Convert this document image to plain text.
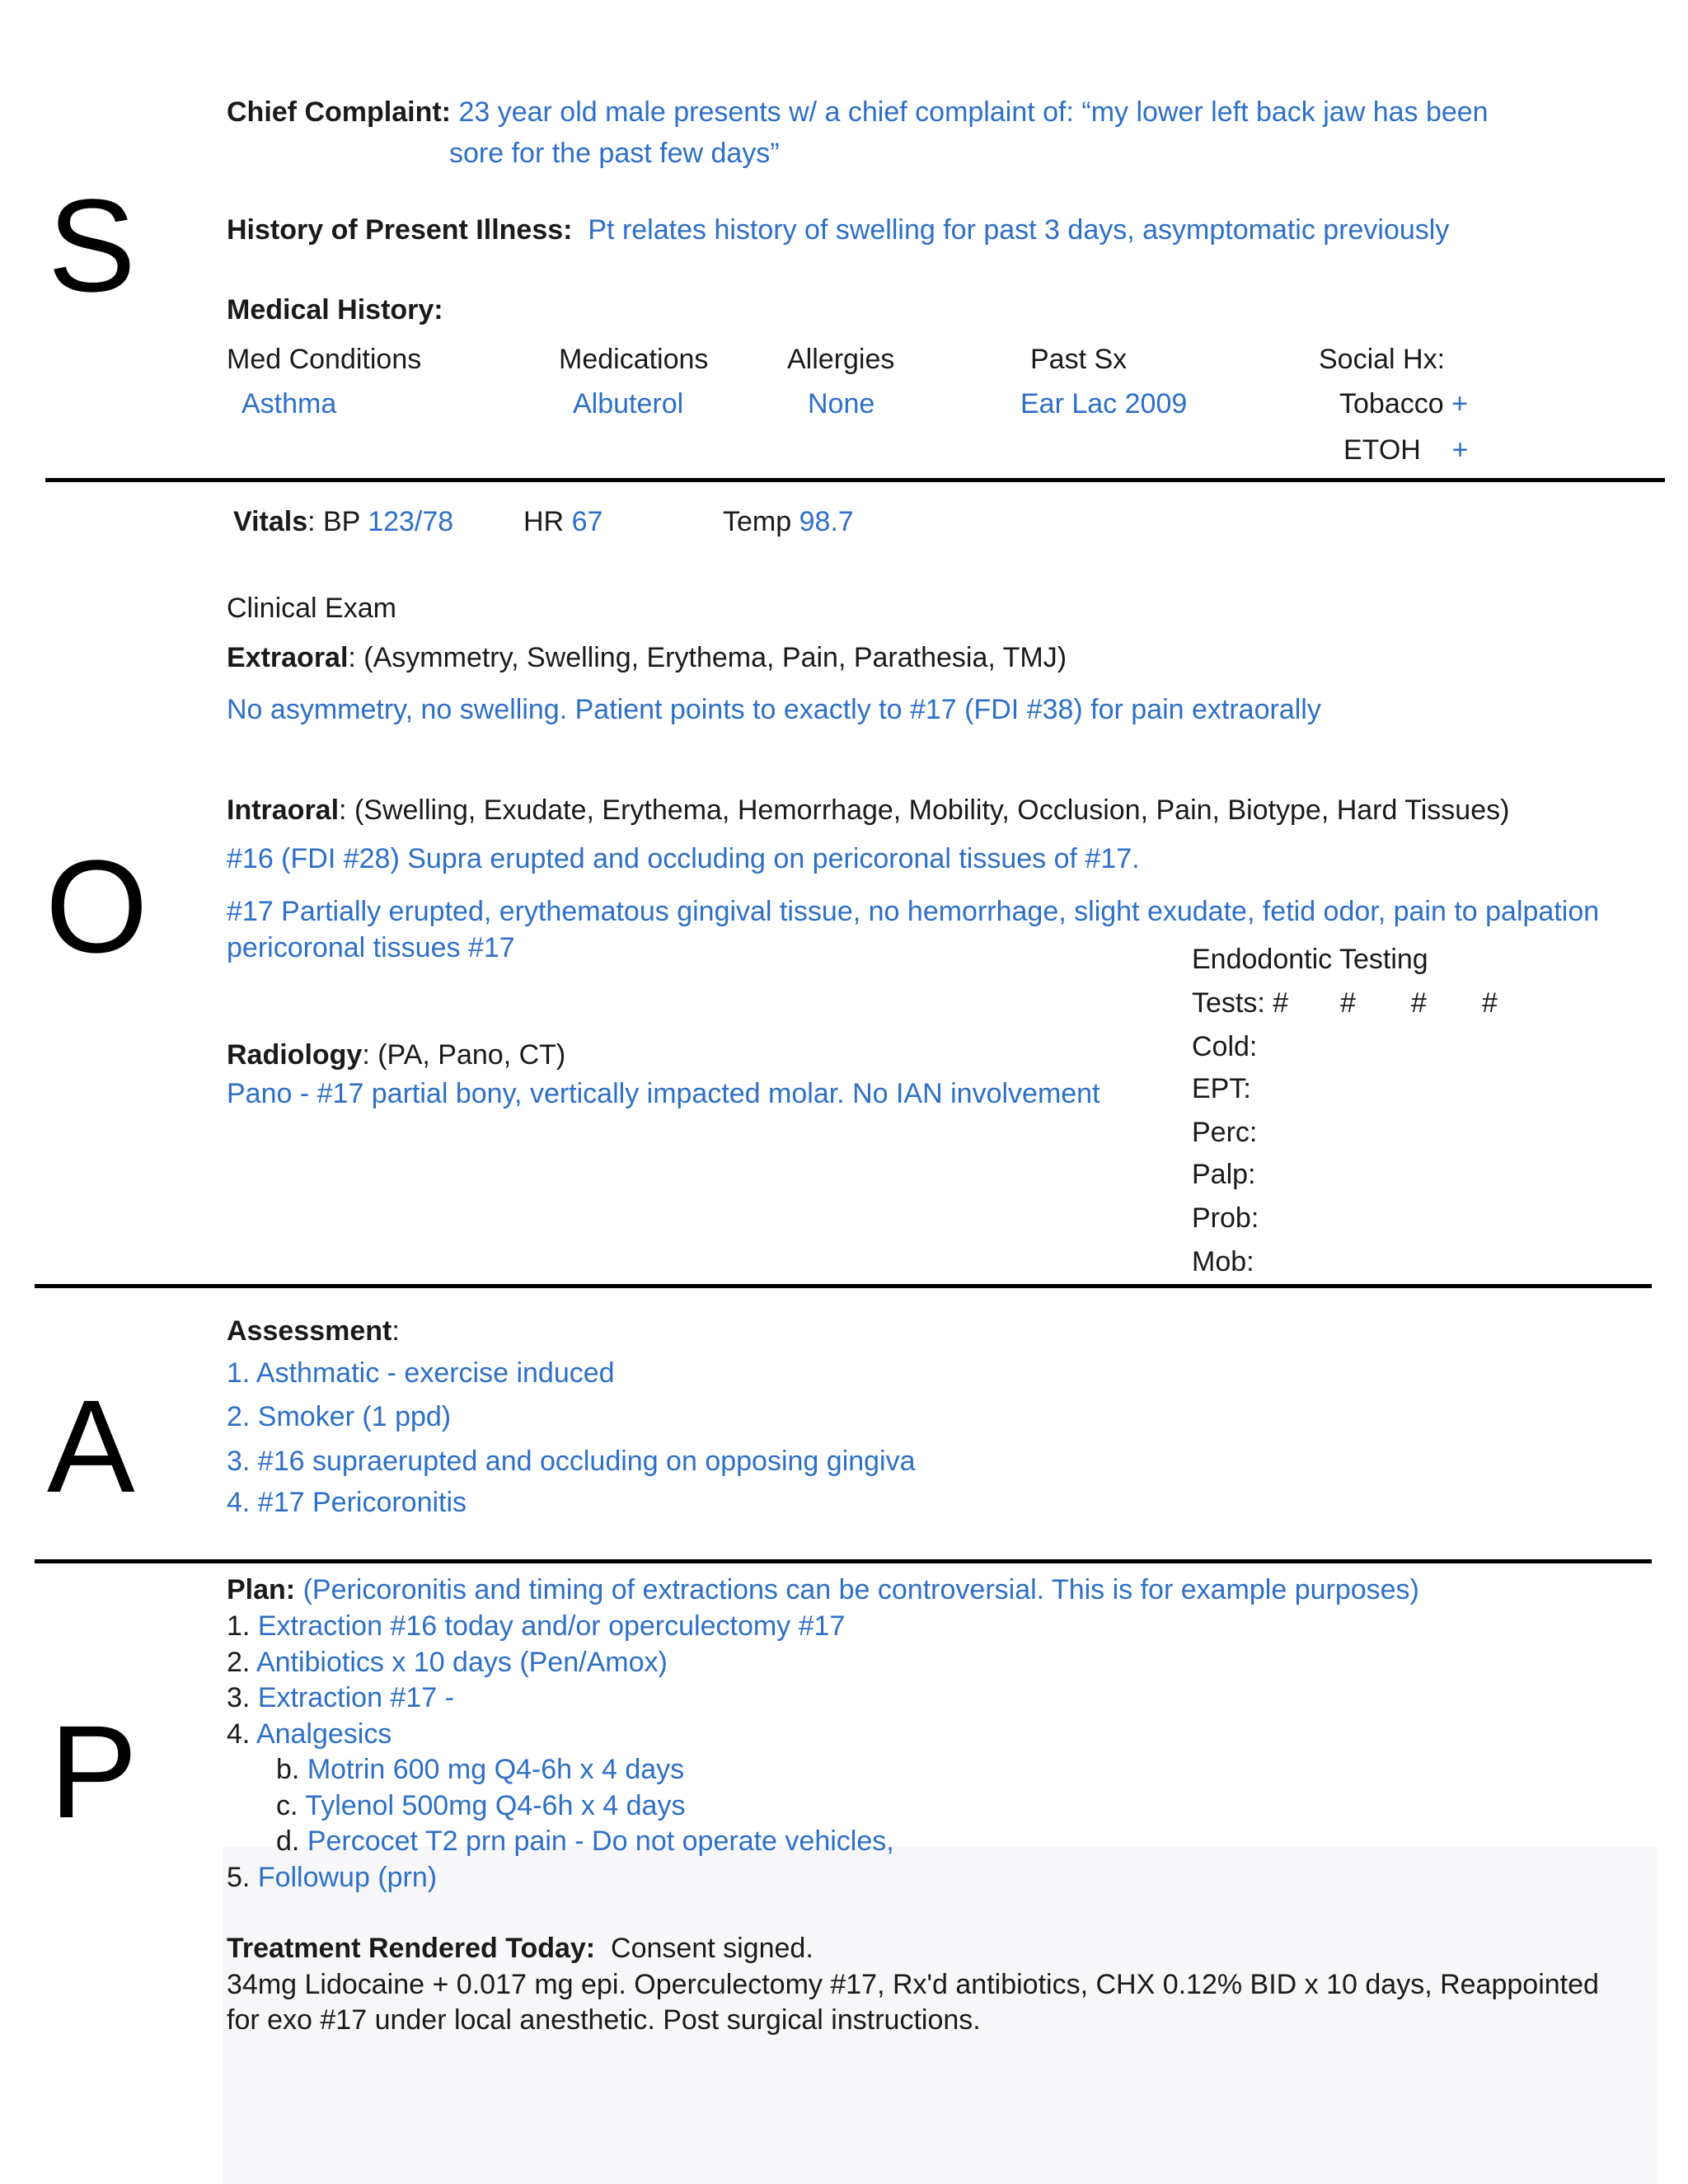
S
O
A
P
Chief Complaint: 23 year old male presents w/ a chief complaint of: “my lower left back jaw has been
sore for the past few days”
History of Present Illness: Pt relates history of swelling for past 3 days, asymptomatic previously
Medical History:
Med Conditions
Asthma
Medications
Albuterol
Allergies
None
Past Sx
Ear Lac 2009
Social Hx:
Tobacco +
ETOH +
Vitals: BP 123/78 HR 67	Temp 98.7
Clinical Exam
Extraoral: (Asymmetry, Swelling, Erythema, Pain, Parathesia, TMJ)
No asymmetry, no swelling. Patient points to exactly to #17 (FDI #38) for pain extraorally
Intraoral: (Swelling, Exudate, Erythema, Hemorrhage, Mobility, Occlusion, Pain, Biotype, Hard Tissues)
#16 (FDI #28) Supra erupted and occluding on pericoronal tissues of #17.
#17 Partially erupted, erythematous gingival tissue, no hemorrhage, slight exudate, fetid odor, pain to palpation
pericoronal tissues #17
Radiology: (PA, Pano, CT)
Pano - #17 partial bony, vertically impacted molar. No IAN involvement
Endodontic Testing
Tests: # # # #
Cold:
EPT:
Perc:
Palp:
Prob:
Mob:
Assessment:
1. Asthmatic - exercise induced
2. Smoker (1 ppd)
3. #16 supraerupted and occluding on opposing gingiva
4. #17 Pericoronitis
Plan: (Pericoronitis and timing of extractions can be controversial. This is for example purposes)
1. Extraction #16 today and/or operculectomy #17
2. Antibiotics x 10 days (Pen/Amox)
3. Extraction #17 -
4. Analgesics
b. Motrin 600 mg Q4-6h x 4 days
c. Tylenol 500mg Q4-6h x 4 days
d. Percocet T2 prn pain - Do not operate vehicles,
5. Followup (prn)
Treatment Rendered Today: Consent signed.
34mg Lidocaine + 0.017 mg epi. Operculectomy #17, Rx'd antibiotics, CHX 0.12% BID x 10 days, Reappointed
for exo #17 under local anesthetic. Post surgical instructions.
